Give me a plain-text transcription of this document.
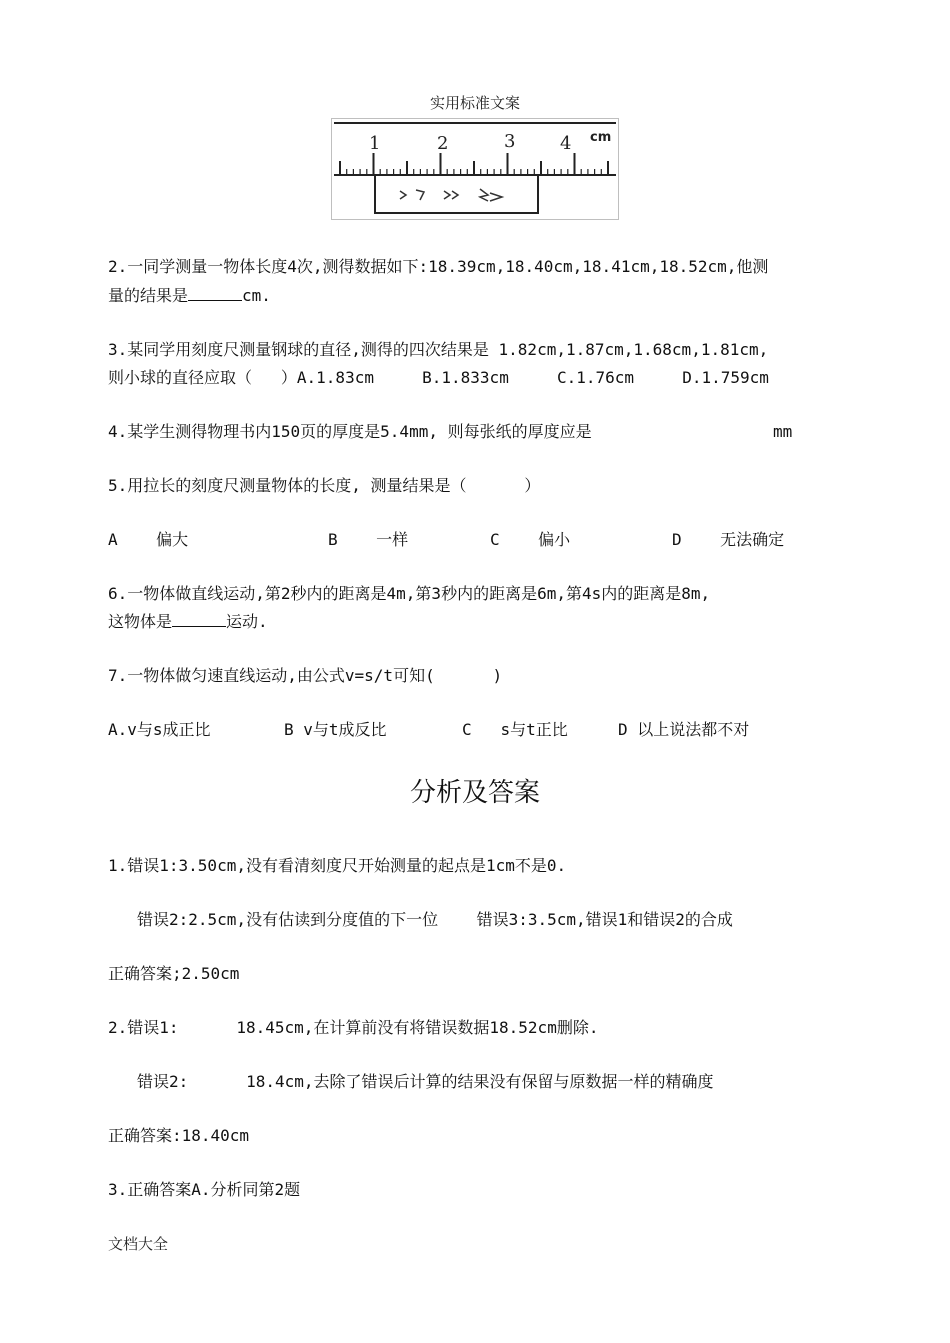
实用标准文案
1	2	3 4 cm
2.一同学测量一物体长度4次,测得数据如下:18.39cm,18.40cm,18.41cm,18.52cm,他测
量的结果是	cm.
3.某同学用刻度尺测量钢球的直径,测得的四次结果是 1.82cm,1.87cm,1.68cm,1.81cm,
则小球的直径应取（   ）A.1.83cm     B.1.833cm     C.1.76cm     D.1.759cm
4.某学生测得物理书内150页的厚度是5.4mm, 则每张纸的厚度应是	mm
5.用拉长的刻度尺测量物体的长度, 测量结果是（      ）
A    偏大	B    一样	C    偏小	D    无法确定
6.一物体做直线运动,第2秒内的距离是4m,第3秒内的距离是6m,第4s内的距离是8m,
这物体是	运动.
7.一物体做匀速直线运动,由公式v=s/t可知(      )
A.v与s成正比	B v与t成反比	C   s与t正比	D 以上说法都不对
分析及答案
1.错误1:3.50cm,没有看清刻度尺开始测量的起点是1cm不是0.
错误2:2.5cm,没有估读到分度值的下一位    错误3:3.5cm,错误1和错误2的合成
正确答案;2.50cm
2.错误1:      18.45cm,在计算前没有将错误数据18.52cm删除.
错误2:      18.4cm,去除了错误后计算的结果没有保留与原数据一样的精确度
正确答案:18.40cm
3.正确答案A.分析同第2题
文档大全
